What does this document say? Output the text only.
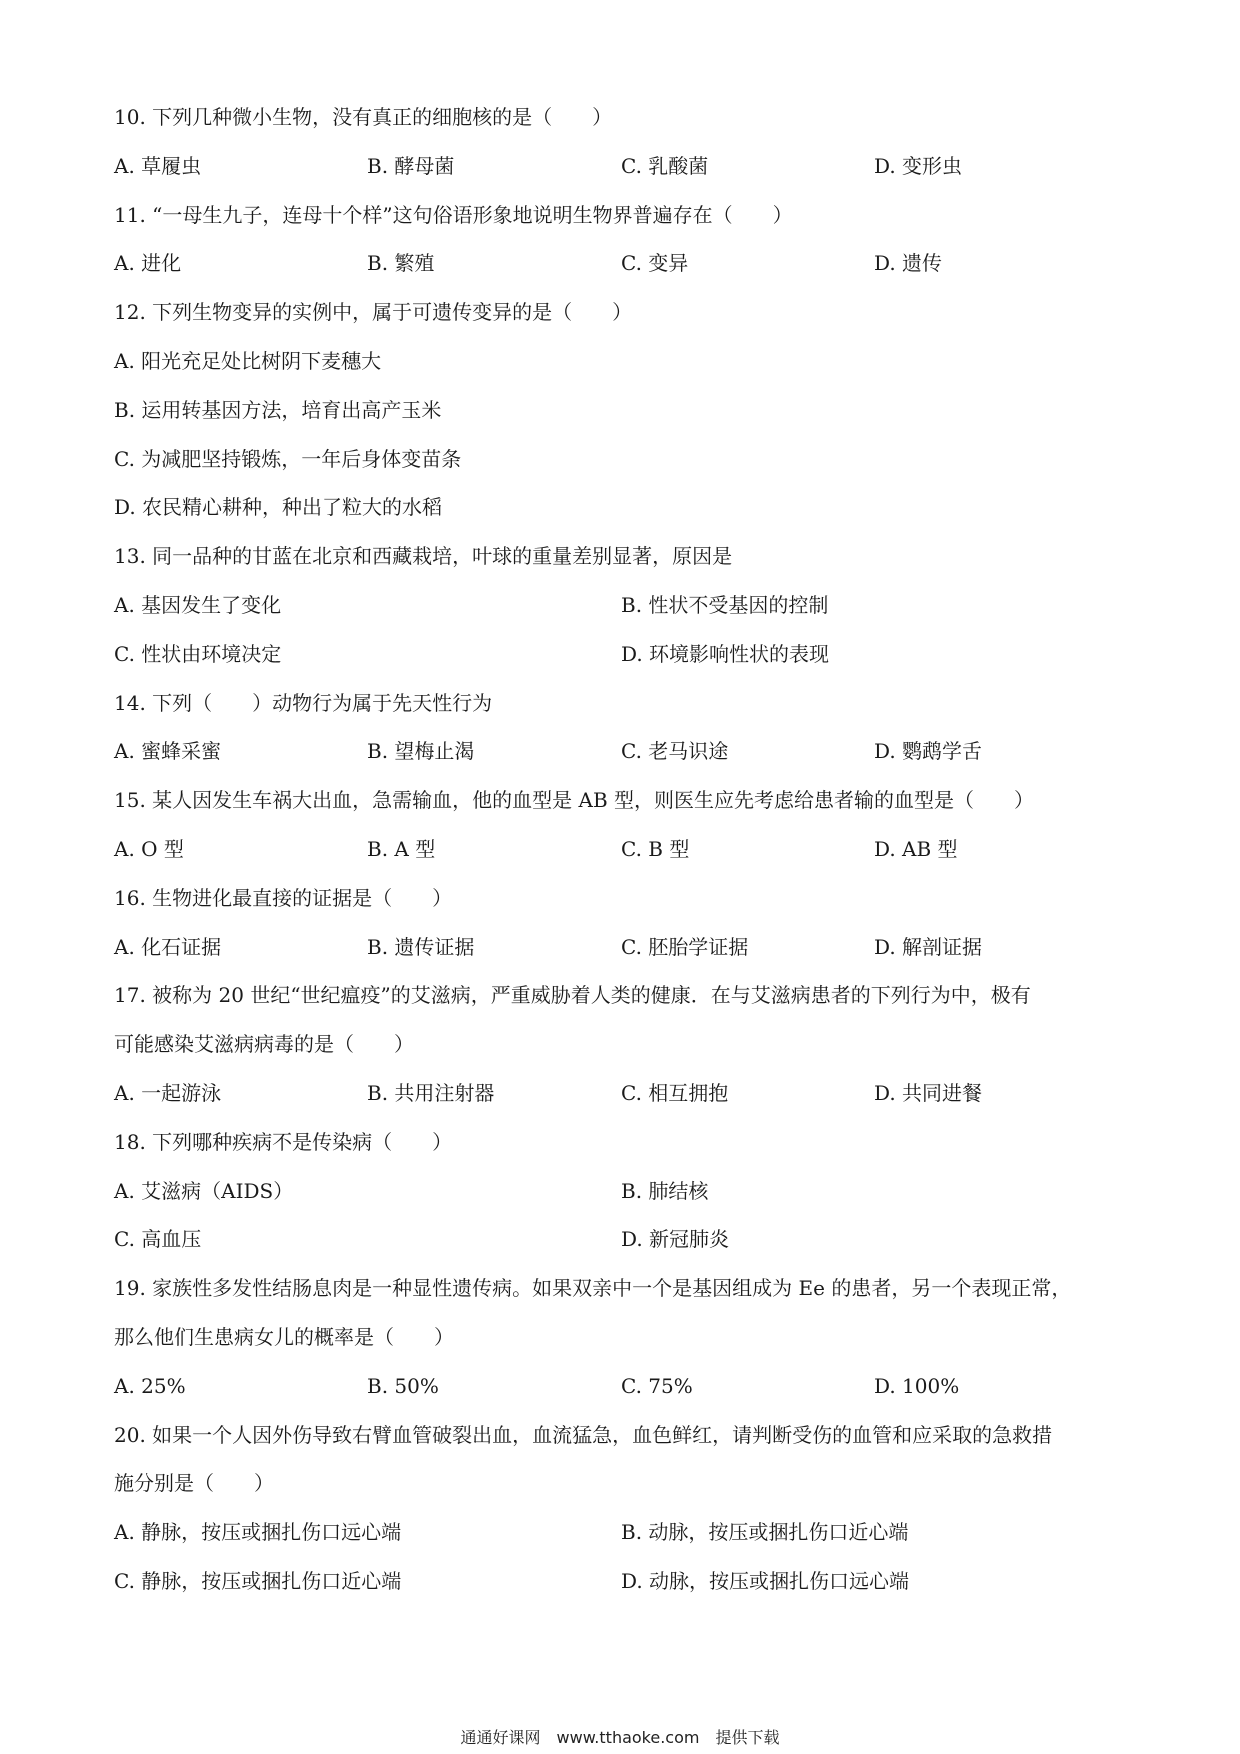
10. 下列几种微小生物，没有真正的细胞核的是（　　）
A. 草履虫	B. 酵母菌	C. 乳酸菌	D. 变形虫
11. “一母生九子，连母十个样”这句俗语形象地说明生物界普遍存在（　　）
A. 进化	B. 繁殖	C. 变异	D. 遗传
12. 下列生物变异的实例中，属于可遗传变异的是（　　）
A. 阳光充足处比树阴下麦穗大
B. 运用转基因方法，培育出高产玉米
C. 为减肥坚持锻炼，一年后身体变苗条
D. 农民精心耕种，种出了粒大的水稻
13. 同一品种的甘蓝在北京和西藏栽培，叶球的重量差别显著，原因是
A. 基因发生了变化	B. 性状不受基因的控制
C. 性状由环境决定	D. 环境影响性状的表现
14. 下列（　　）动物行为属于先天性行为
A. 蜜蜂采蜜	B. 望梅止渴	C. 老马识途	D. 鹦鹉学舌
15. 某人因发生车祸大出血，急需输血，他的血型是 AB 型，则医生应先考虑给患者输的血型是（　　）
A. O 型	B. A 型	C. B 型	D. AB 型
16. 生物进化最直接的证据是（　　）
A. 化石证据	B. 遗传证据	C. 胚胎学证据	D. 解剖证据
17. 被称为 20 世纪“世纪瘟疫”的艾滋病，严重威胁着人类的健康．在与艾滋病患者的下列行为中，极有
可能感染艾滋病病毒的是（　　）
A. 一起游泳	B. 共用注射器	C. 相互拥抱	D. 共同进餐
18. 下列哪种疾病不是传染病（　　）
A. 艾滋病（AIDS）	B. 肺结核
C. 高血压	D. 新冠肺炎
19. 家族性多发性结肠息肉是一种显性遗传病。如果双亲中一个是基因组成为 Ee 的患者，另一个表现正常，
那么他们生患病女儿的概率是（　　）
A. 25%	B. 50%	C. 75%	D. 100%
20. 如果一个人因外伤导致右臂血管破裂出血，血流猛急，血色鲜红，请判断受伤的血管和应采取的急救措
施分别是（　　）
A. 静脉，按压或捆扎伤口远心端	B. 动脉，按压或捆扎伤口近心端
C. 静脉，按压或捆扎伤口近心端	D. 动脉，按压或捆扎伤口远心端
通通好课网　www.tthaoke.com　提供下载
